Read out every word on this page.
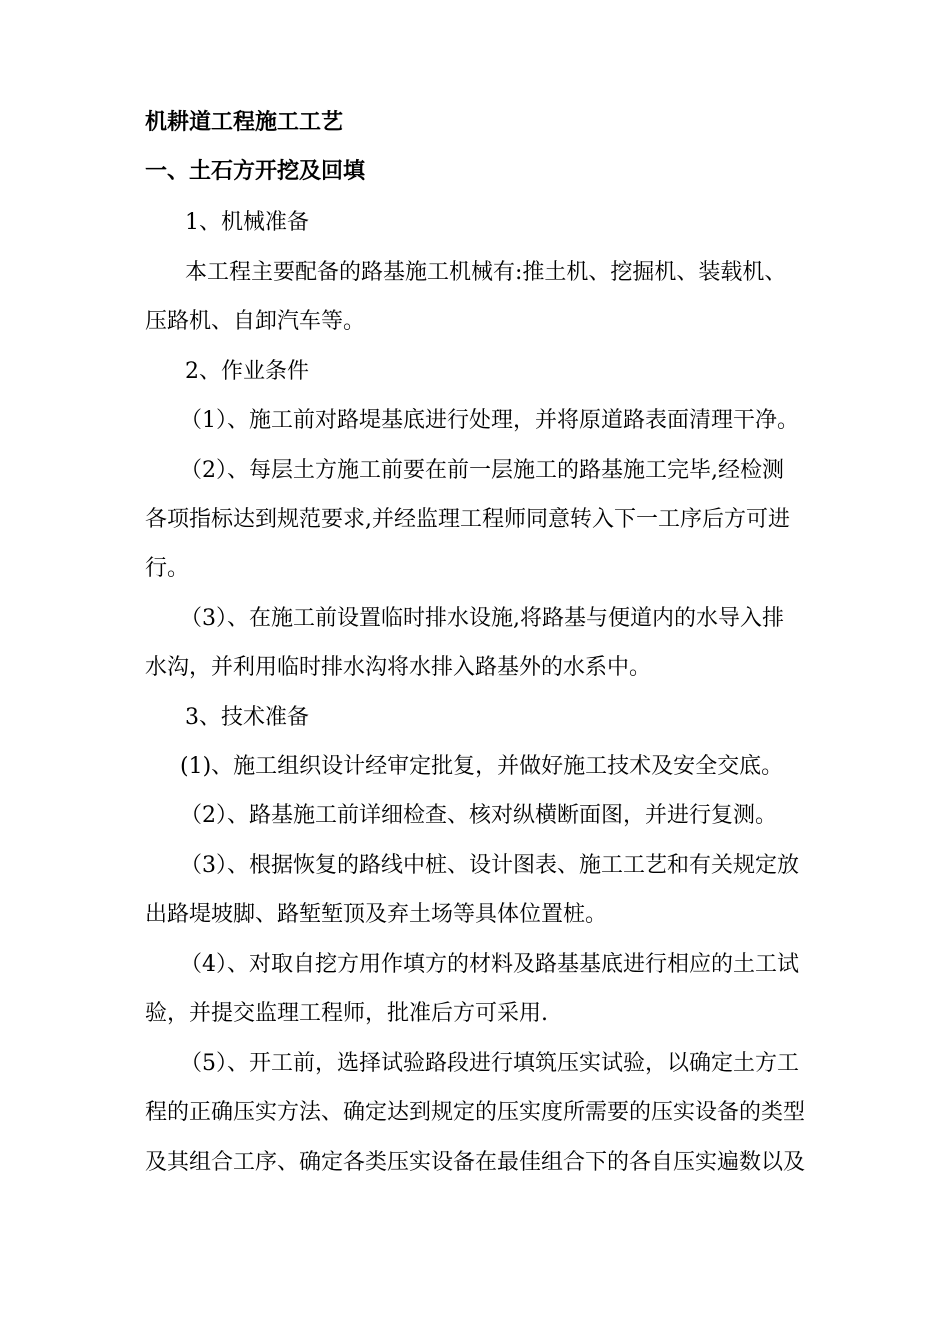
机耕道工程施工工艺
一、土石方开挖及回填
1、机械准备
本工程主要配备的路基施工机械有:推土机、挖掘机、装载机、
压路机、自卸汽车等。
2、作业条件
（1）、施工前对路堤基底进行处理，并将原道路表面清理干净。
（2）、每层土方施工前要在前一层施工的路基施工完毕,经检测
各项指标达到规范要求,并经监理工程师同意转入下一工序后方可进
行。
（3）、在施工前设置临时排水设施,将路基与便道内的水导入排
水沟，并利用临时排水沟将水排入路基外的水系中。
3、技术准备
(1)、施工组织设计经审定批复，并做好施工技术及安全交底。
（2）、路基施工前详细检查、核对纵横断面图，并进行复测。
（3）、根据恢复的路线中桩、设计图表、施工工艺和有关规定放
出路堤坡脚、路堑堑顶及弃土场等具体位置桩。
（4）、对取自挖方用作填方的材料及路基基底进行相应的土工试
验，并提交监理工程师，批准后方可采用.
（5）、开工前，选择试验路段进行填筑压实试验，以确定土方工
程的正确压实方法、确定达到规定的压实度所需要的压实设备的类型
及其组合工序、确定各类压实设备在最佳组合下的各自压实遍数以及
